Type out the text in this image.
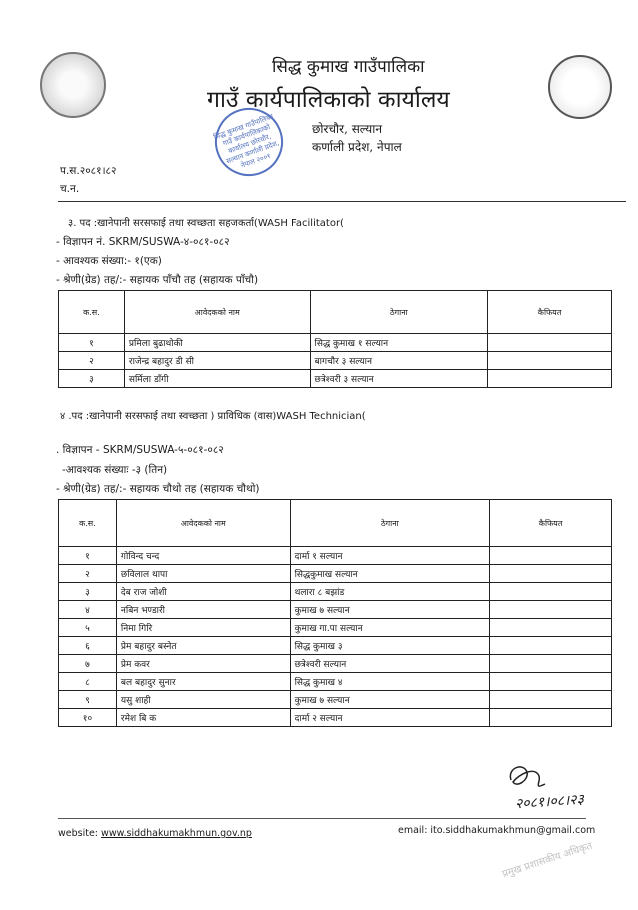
सिद्ध कुमाख गाउँपालिका
गाउँ कार्यपालिकाको कार्यालय
छोरचौर, सल्यान
कर्णाली प्रदेश, नेपाल
सिद्ध कुमाख गाउँपालिका गाउँ कार्यपालिकाको कार्यालय छोरचौर, सल्यान कर्णाली प्रदेश, नेपाल २००१
प.स.२०८१।८२
च.न.
३. पद :खानेपानी सरसफाई तथा स्वच्छता सहजकर्ता(WASH Facilitator(
- विज्ञापन नं. SKRM/SUSWA-४-०८१-०८२
- आवश्यक संख्या:- १(एक)
- श्रेणी(ग्रेड) तह/:- सहायक पाँचौ तह (सहायक पाँचौ)
क.स.	आवेदकको नाम	ठेगाना	कैफियत
१	प्रमिला बुढाथोकी	सिद्ध कुमाख १ सल्यान	
२	राजेन्द्र बहादुर डी सी	बागचौर ३ सल्यान	
३	सर्मिला डाँगी	छत्रेश्वरी ३ सल्यान	
४ .पद :खानेपानी सरसफाई तथा स्वच्छता ) प्राविधिक (वास)WASH Technician(
. विज्ञापन - SKRM/SUSWA-५-०८१-०८२
-आवश्यक संख्याः -३ (तिन)
- श्रेणी(ग्रेड) तह/:- सहायक चौथो तह (सहायक चौथो)
क.स.	आवेदकको नाम	ठेगाना	कैफियत
१	गोविन्द चन्द	दार्मा १ सल्यान	
२	छविलाल थापा	सिद्धकुमाख सल्यान	
३	देब राज जोशी	थलारा ८ बझांड	
४	नबिन भण्डारी	कुमाख ७ सल्यान	
५	निमा गिरि	कुमाख गा.पा सल्यान	
६	प्रेम बहादुर बस्नेत	सिद्ध कुमाख ३	
७	प्रेम कवर	छत्रेश्वरी सल्यान	
८	बल बहादुर सुनार	सिद्ध कुमाख ४	
९	यसु शाही	कुमाख ७ सल्यान	
१०	रमेश बि क	दार्मा २ सल्यान	
२०८१।०८।२३
website: www.siddhakumakhmun.gov.np	email: ito.siddhakumakhmun@gmail.com
प्रमुख प्रशासकीय अधिकृत
